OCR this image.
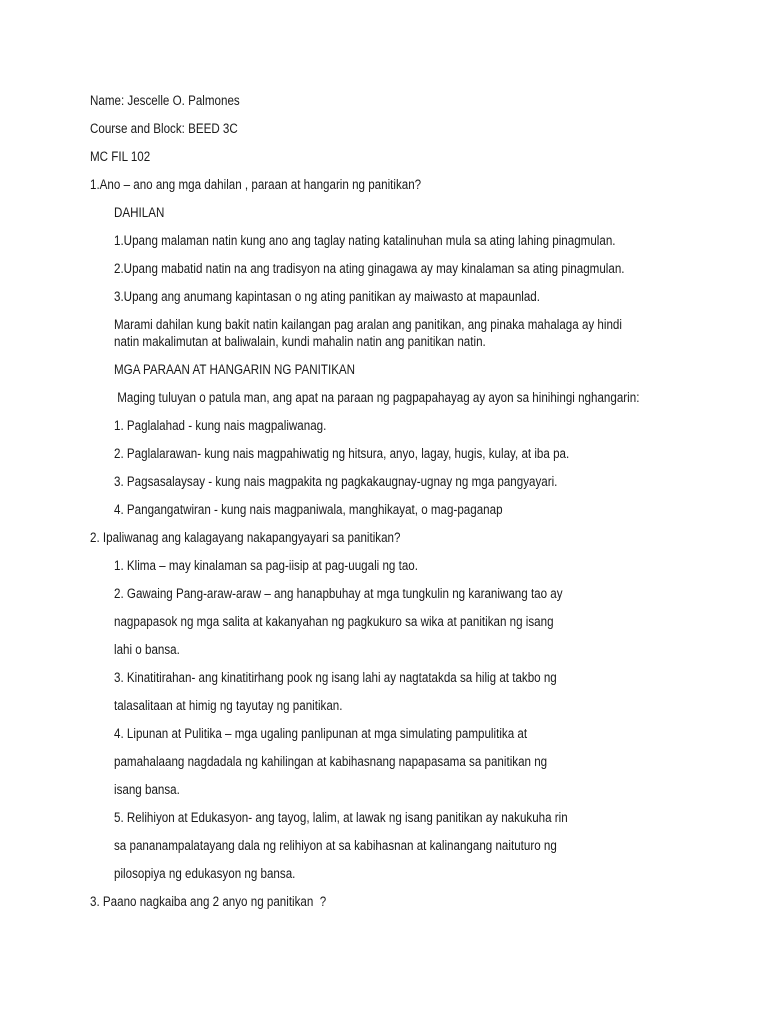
Name: Jescelle O. Palmones

Course and Block: BEED 3C

MC FIL 102

1.Ano – ano ang mga dahilan , paraan at hangarin ng panitikan?

DAHILAN

1.Upang malaman natin kung ano ang taglay nating katalinuhan mula sa ating lahing pinagmulan.

2.Upang mabatid natin na ang tradisyon na ating ginagawa ay may kinalaman sa ating pinagmulan.

3.Upang ang anumang kapintasan o ng ating panitikan ay maiwasto at mapaunlad.

Marami dahilan kung bakit natin kailangan pag aralan ang panitikan, ang pinaka mahalaga ay hindi

natin makalimutan at baliwalain, kundi mahalin natin ang panitikan natin.

MGA PARAAN AT HANGARIN NG PANITIKAN

Maging tuluyan o patula man, ang apat na paraan ng pagpapahayag ay ayon sa hinihingi nghangarin:

1. Paglalahad - kung nais magpaliwanag.

2. Paglalarawan- kung nais magpahiwatig ng hitsura, anyo, lagay, hugis, kulay, at iba pa.

3. Pagsasalaysay - kung nais magpakita ng pagkakaugnay-ugnay ng mga pangyayari.

4. Pangangatwiran - kung nais magpaniwala, manghikayat, o mag-paganap

2. Ipaliwanag ang kalagayang nakapangyayari sa panitikan?

1. Klima – may kinalaman sa pag-iisip at pag-uugali ng tao.

2. Gawaing Pang-araw-araw – ang hanapbuhay at mga tungkulin ng karaniwang tao ay

nagpapasok ng mga salita at kakanyahan ng pagkukuro sa wika at panitikan ng isang

lahi o bansa.

3. Kinatitirahan- ang kinatitirhang pook ng isang lahi ay nagtatakda sa hilig at takbo ng

talasalitaan at himig ng tayutay ng panitikan.

4. Lipunan at Pulitika – mga ugaling panlipunan at mga simulating pampulitika at

pamahalaang nagdadala ng kahilingan at kabihasnang napapasama sa panitikan ng

isang bansa.

5. Relihiyon at Edukasyon- ang tayog, lalim, at lawak ng isang panitikan ay nakukuha rin

sa pananampalatayang dala ng relihiyon at sa kabihasnan at kalinangang naituturo ng

pilosopiya ng edukasyon ng bansa.

3. Paano nagkaiba ang 2 anyo ng panitikan  ?
